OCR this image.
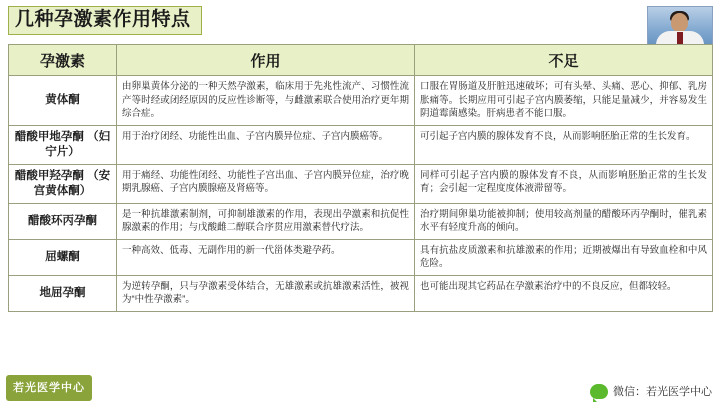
几种孕激素作用特点
孕激素	作用	不足
黄体酮	由卵巢黄体分泌的一种天然孕激素，临床用于先兆性流产、习惯性流产等时经或闭经原因的反应性诊断等，与雌激素联合使用治疗更年期综合症。	口服在胃肠道及肝脏迅速破坏；可有头晕、头痛、恶心、抑郁、乳房胀痛等。长期应用可引起子宫内膜萎缩，只能足量减少，并容易发生阴道霉菌感染。肝病患者不能口服。
醋酸甲地孕酮 （妇宁片）	用于治疗闭经、功能性出血、子宫内膜异位症、子宫内膜癌等。	可引起子宫内膜的腺体发育不良，从而影响胚胎正常的生长发育。
醋酸甲羟孕酮 （安宫黄体酮）	用于痛经、功能性闭经、功能性子宫出血、子宫内膜异位症，治疗晚期乳腺癌、子宫内膜腺癌及肾癌等。	同样可引起子宫内膜的腺体发育不良，从而影响胚胎正常的生长发育；会引起一定程度度体液滞留等。
醋酸环丙孕酮	是一种抗雄激素制剂，可抑制雄激素的作用，表现出孕激素和抗促性腺激素的作用；与戊酸雌二醇联合序贯应用激素替代疗法。	治疗期间卵巢功能被抑制；使用较高剂量的醋酸环丙孕酮时，催乳素水平有轻度升高的倾向。
屈螺酮	一种高效、低毒、无副作用的新一代甾体类避孕药。	具有抗盐皮质激素和抗雄激素的作用；近期被爆出有导致血栓和中风危险。
地屈孕酮	为逆转孕酮，只与孕激素受体结合，无雄激素或抗雄激素活性，被视为“中性孕激素”。	也可能出现其它药品在孕激素治疗中的不良反应，但都较轻。
若光医学中心	微信：若光医学中心
